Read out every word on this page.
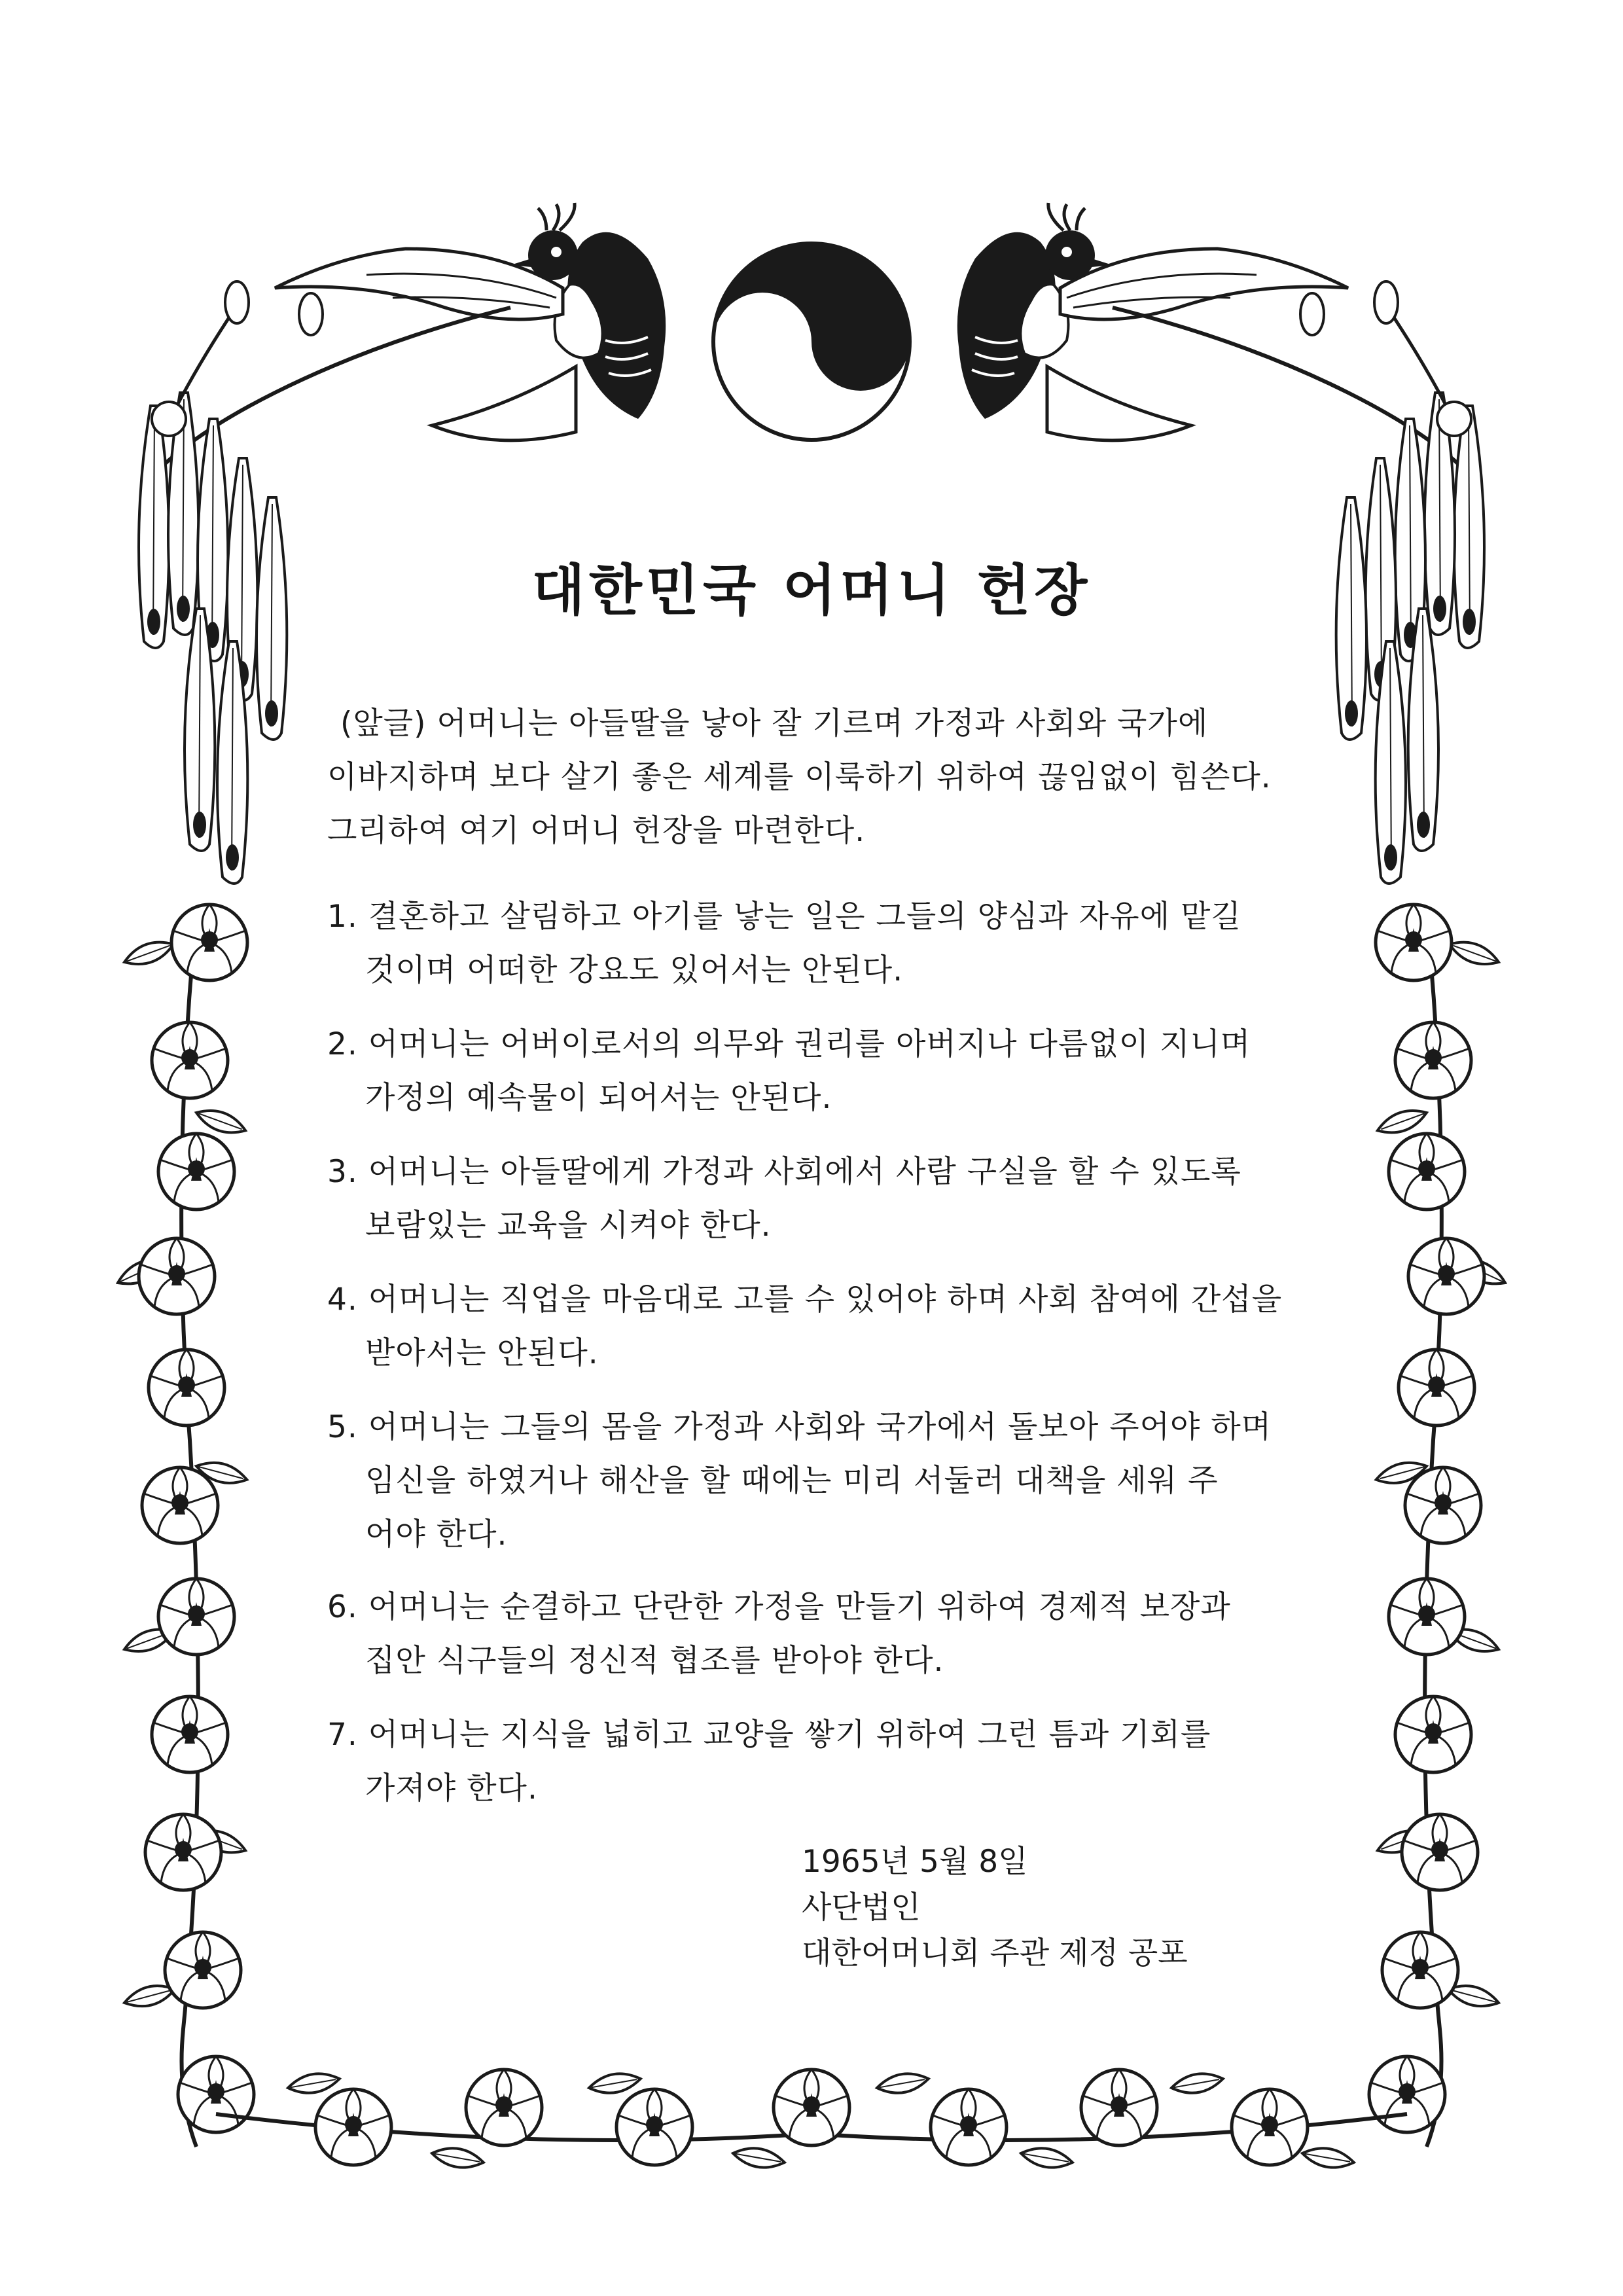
대한민국 어머니 헌장
(앞글) 어머니는 아들딸을 낳아 잘 기르며 가정과 사회와 국가에
이바지하며 보다 살기 좋은 세계를 이룩하기 위하여 끊임없이 힘쓴다.
그리하여 여기 어머니 헌장을 마련한다.
1. 결혼하고 살림하고 아기를 낳는 일은 그들의 양심과 자유에 맡길
것이며 어떠한 강요도 있어서는 안된다.
2. 어머니는 어버이로서의 의무와 권리를 아버지나 다름없이 지니며
가정의 예속물이 되어서는 안된다.
3. 어머니는 아들딸에게 가정과 사회에서 사람 구실을 할 수 있도록
보람있는 교육을 시켜야 한다.
4. 어머니는 직업을 마음대로 고를 수 있어야 하며 사회 참여에 간섭을
받아서는 안된다.
5. 어머니는 그들의 몸을 가정과 사회와 국가에서 돌보아 주어야 하며
임신을 하였거나 해산을 할 때에는 미리 서둘러 대책을 세워 주
어야 한다.
6. 어머니는 순결하고 단란한 가정을 만들기 위하여 경제적 보장과
집안 식구들의 정신적 협조를 받아야 한다.
7. 어머니는 지식을 넓히고 교양을 쌓기 위하여 그런 틈과 기회를
가져야 한다.
1965년 5월 8일
사단법인
대한어머니회 주관 제정 공포
